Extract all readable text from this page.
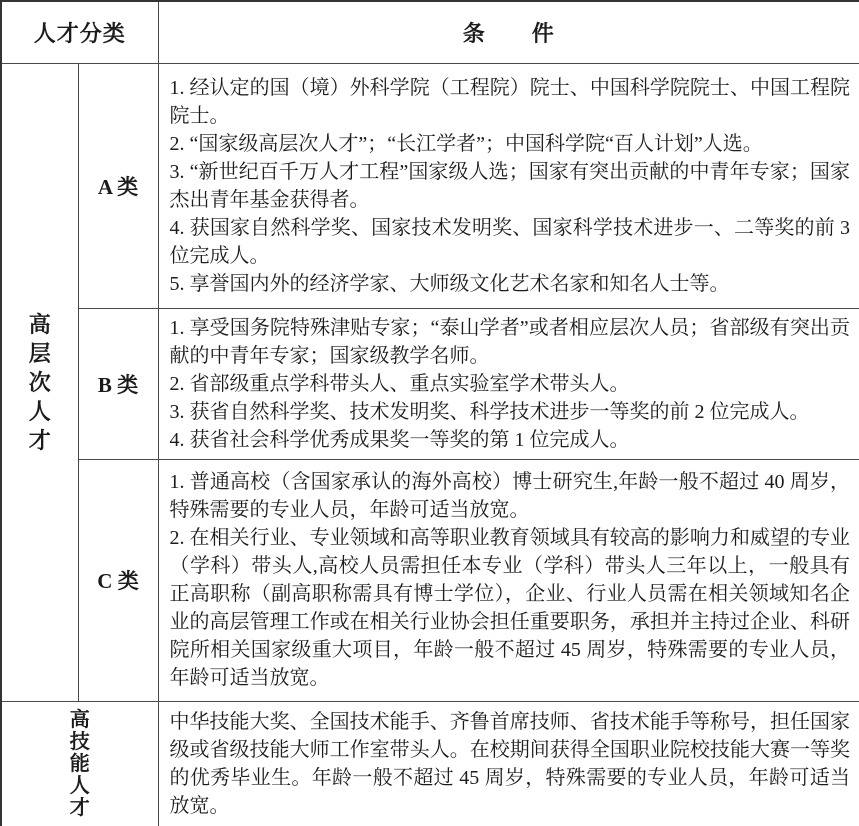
人才分类		条　　件

高层次人才	A 类	1. 经认定的国（境）外科学院（工程院）院士、中国科学院院士、中国工程院院士。
2. “国家级高层次人才”；“长江学者”；中国科学院“百人计划”人选。
3. “新世纪百千万人才工程”国家级人选；国家有突出贡献的中青年专家；国家杰出青年基金获得者。
4. 获国家自然科学奖、国家技术发明奖、国家科学技术进步一、二等奖的前 3 位完成人。
5. 享誉国内外的经济学家、大师级文化艺术名家和知名人士等。

	B 类	1. 享受国务院特殊津贴专家；“泰山学者”或者相应层次人员；省部级有突出贡献的中青年专家；国家级教学名师。
2. 省部级重点学科带头人、重点实验室学术带头人。
3. 获省自然科学奖、技术发明奖、科学技术进步一等奖的前 2 位完成人。
4. 获省社会科学优秀成果奖一等奖的第 1 位完成人。

	C 类	1. 普通高校（含国家承认的海外高校）博士研究生,年龄一般不超过 40 周岁，特殊需要的专业人员，年龄可适当放宽。
2. 在相关行业、专业领域和高等职业教育领域具有较高的影响力和威望的专业（学科）带头人,高校人员需担任本专业（学科）带头人三年以上，一般具有正高职称（副高职称需具有博士学位），企业、行业人员需在相关领域知名企业的高层管理工作或在相关行业协会担任重要职务，承担并主持过企业、科研院所相关国家级重大项目，年龄一般不超过 45 周岁，特殊需要的专业人员，年龄可适当放宽。

高技能人才		中华技能大奖、全国技术能手、齐鲁首席技师、省技术能手等称号，担任国家级或省级技能大师工作室带头人。在校期间获得全国职业院校技能大赛一等奖的优秀毕业生。年龄一般不超过 45 周岁，特殊需要的专业人员，年龄可适当放宽。
